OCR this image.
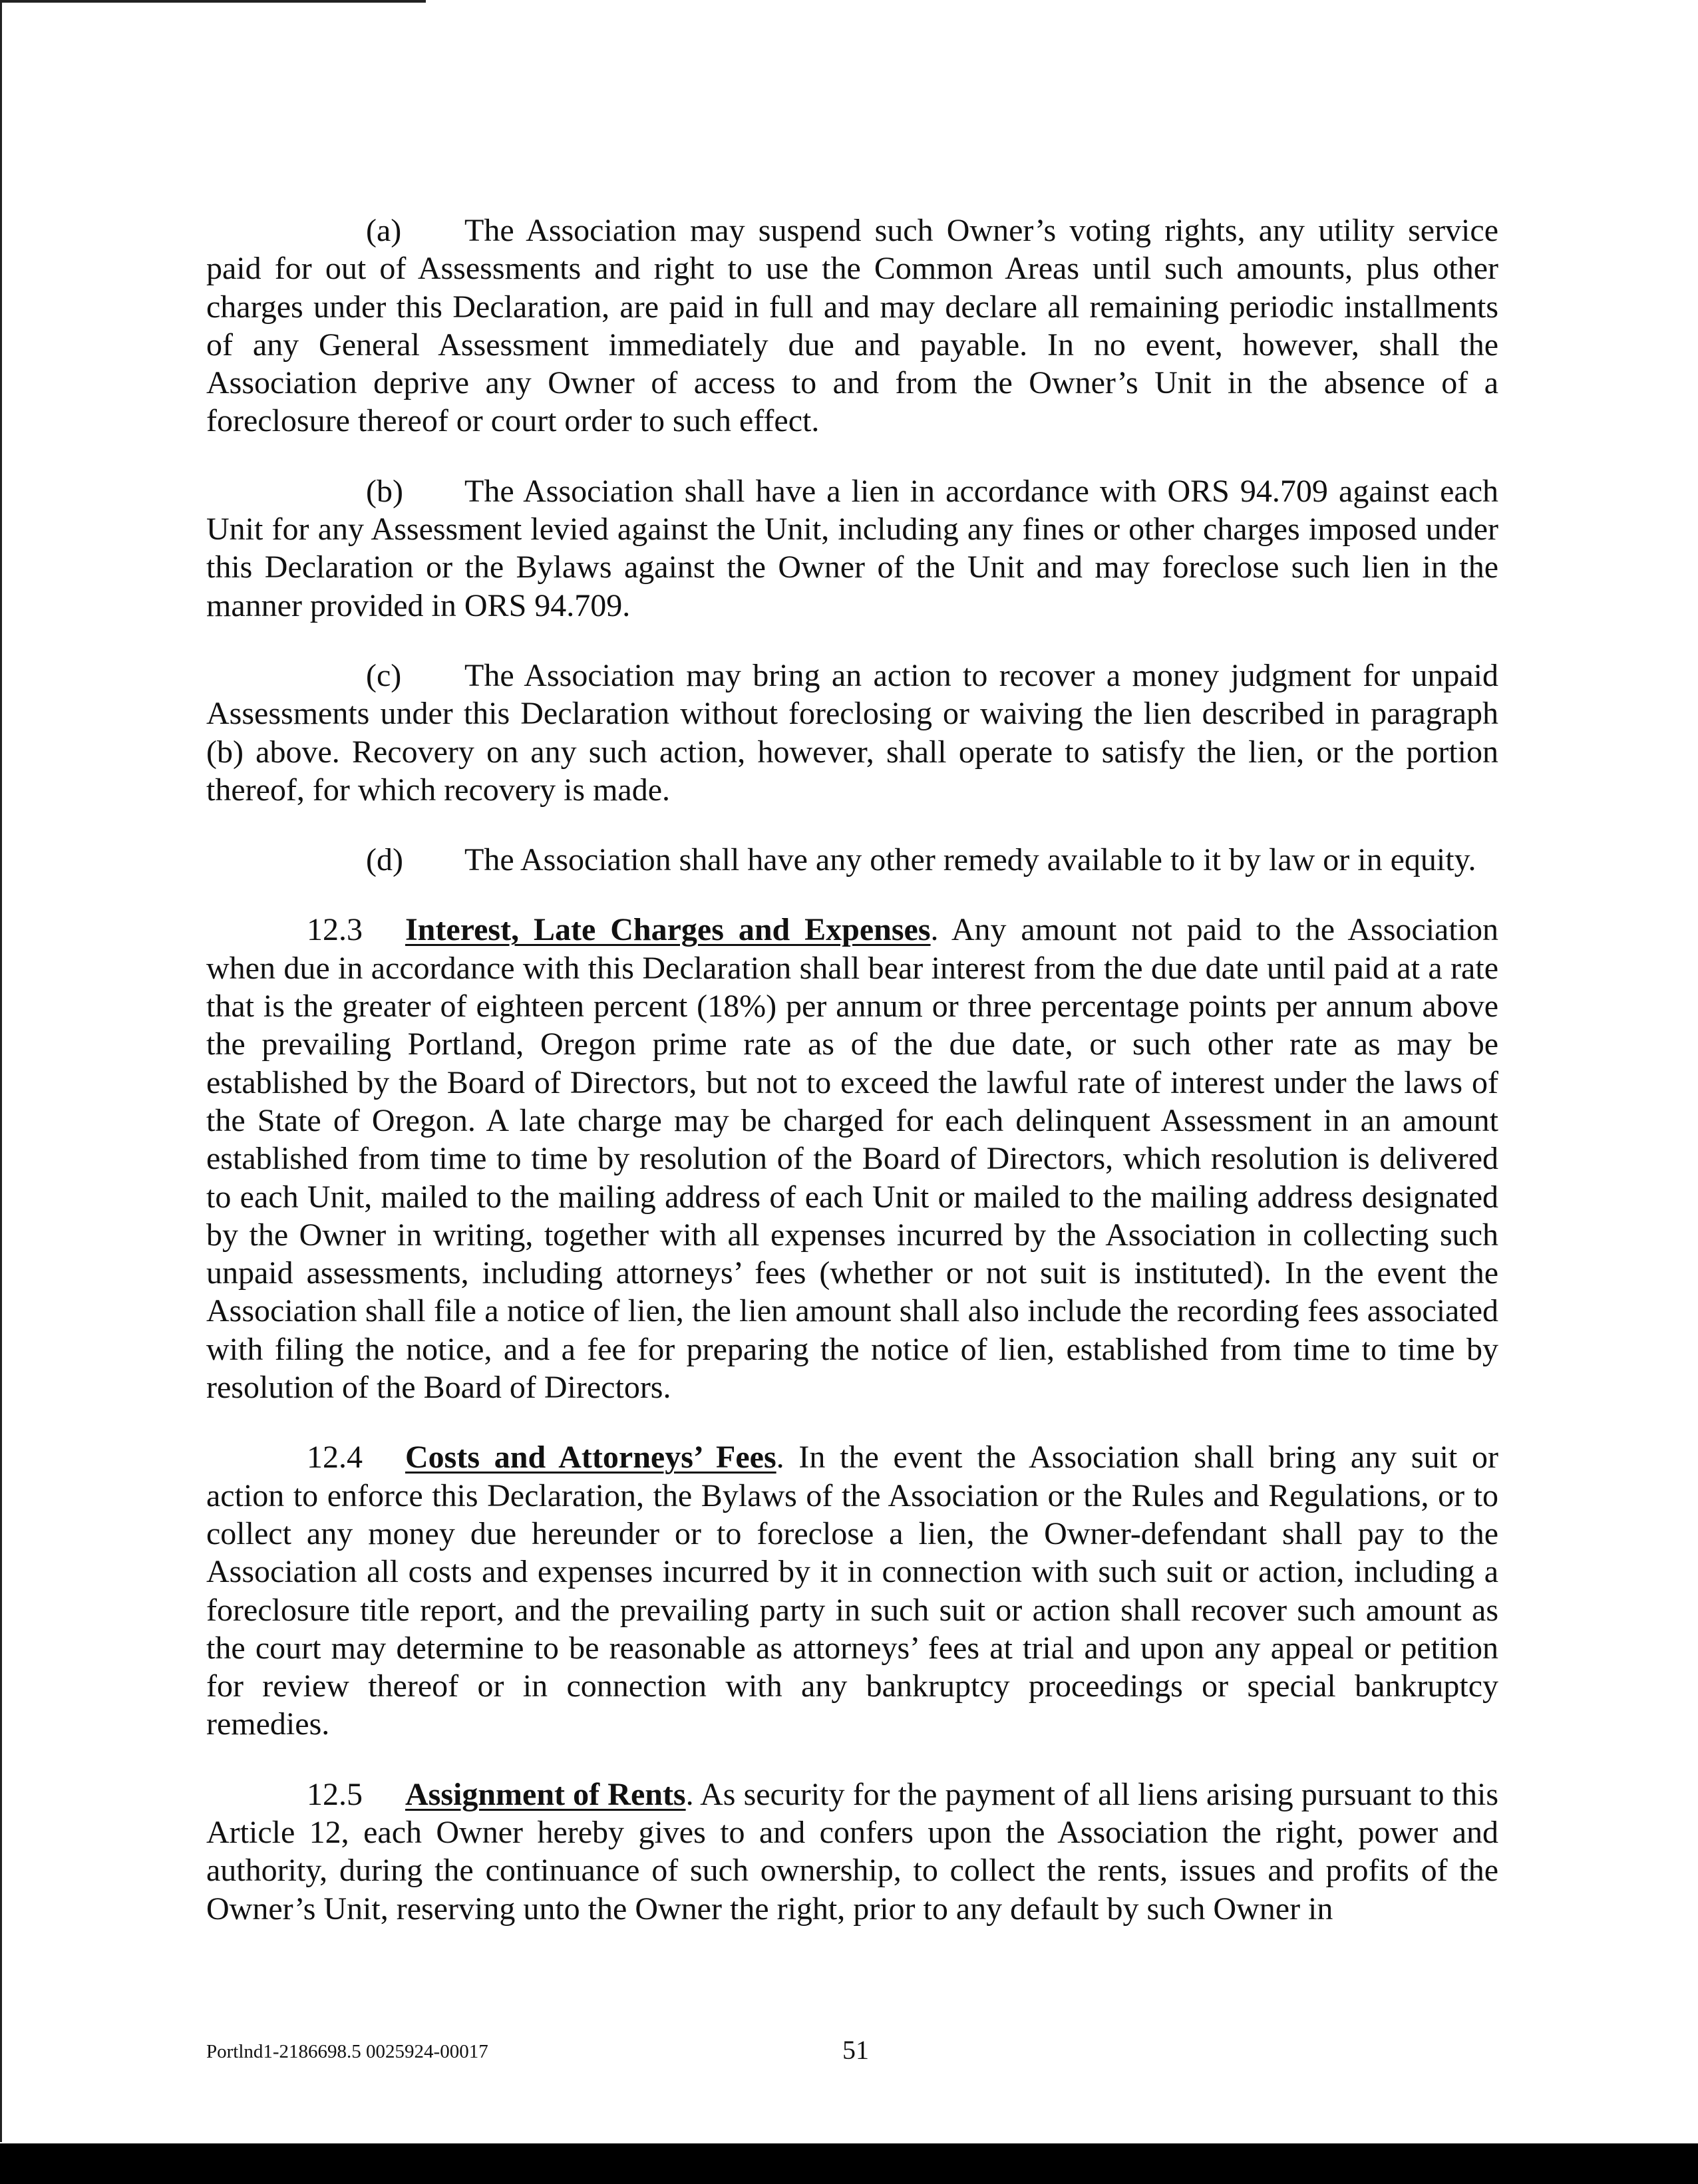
(a) The Association may suspend such Owner’s voting rights, any utility service paid for out of Assessments and right to use the Common Areas until such amounts, plus other charges under this Declaration, are paid in full and may declare all remaining periodic installments of any General Assessment immediately due and payable. In no event, however, shall the Association deprive any Owner of access to and from the Owner’s Unit in the absence of a foreclosure thereof or court order to such effect.

(b) The Association shall have a lien in accordance with ORS 94.709 against each Unit for any Assessment levied against the Unit, including any fines or other charges imposed under this Declaration or the Bylaws against the Owner of the Unit and may foreclose such lien in the manner provided in ORS 94.709.

(c) The Association may bring an action to recover a money judgment for unpaid Assessments under this Declaration without foreclosing or waiving the lien described in paragraph (b) above. Recovery on any such action, however, shall operate to satisfy the lien, or the portion thereof, for which recovery is made.

(d) The Association shall have any other remedy available to it by law or in equity.

12.3 Interest, Late Charges and Expenses. Any amount not paid to the Association when due in accordance with this Declaration shall bear interest from the due date until paid at a rate that is the greater of eighteen percent (18%) per annum or three percentage points per annum above the prevailing Portland, Oregon prime rate as of the due date, or such other rate as may be established by the Board of Directors, but not to exceed the lawful rate of interest under the laws of the State of Oregon. A late charge may be charged for each delinquent Assessment in an amount established from time to time by resolution of the Board of Directors, which resolution is delivered to each Unit, mailed to the mailing address of each Unit or mailed to the mailing address designated by the Owner in writing, together with all expenses incurred by the Association in collecting such unpaid assessments, including attorneys’ fees (whether or not suit is instituted). In the event the Association shall file a notice of lien, the lien amount shall also include the recording fees associated with filing the notice, and a fee for preparing the notice of lien, established from time to time by resolution of the Board of Directors.

12.4 Costs and Attorneys’ Fees. In the event the Association shall bring any suit or action to enforce this Declaration, the Bylaws of the Association or the Rules and Regulations, or to collect any money due hereunder or to foreclose a lien, the Owner-defendant shall pay to the Association all costs and expenses incurred by it in connection with such suit or action, including a foreclosure title report, and the prevailing party in such suit or action shall recover such amount as the court may determine to be reasonable as attorneys’ fees at trial and upon any appeal or petition for review thereof or in connection with any bankruptcy proceedings or special bankruptcy remedies.

12.5 Assignment of Rents. As security for the payment of all liens arising pursuant to this Article 12, each Owner hereby gives to and confers upon the Association the right, power and authority, during the continuance of such ownership, to collect the rents, issues and profits of the Owner’s Unit, reserving unto the Owner the right, prior to any default by such Owner in

Portlnd1-2186698.5 0025924-00017	51
